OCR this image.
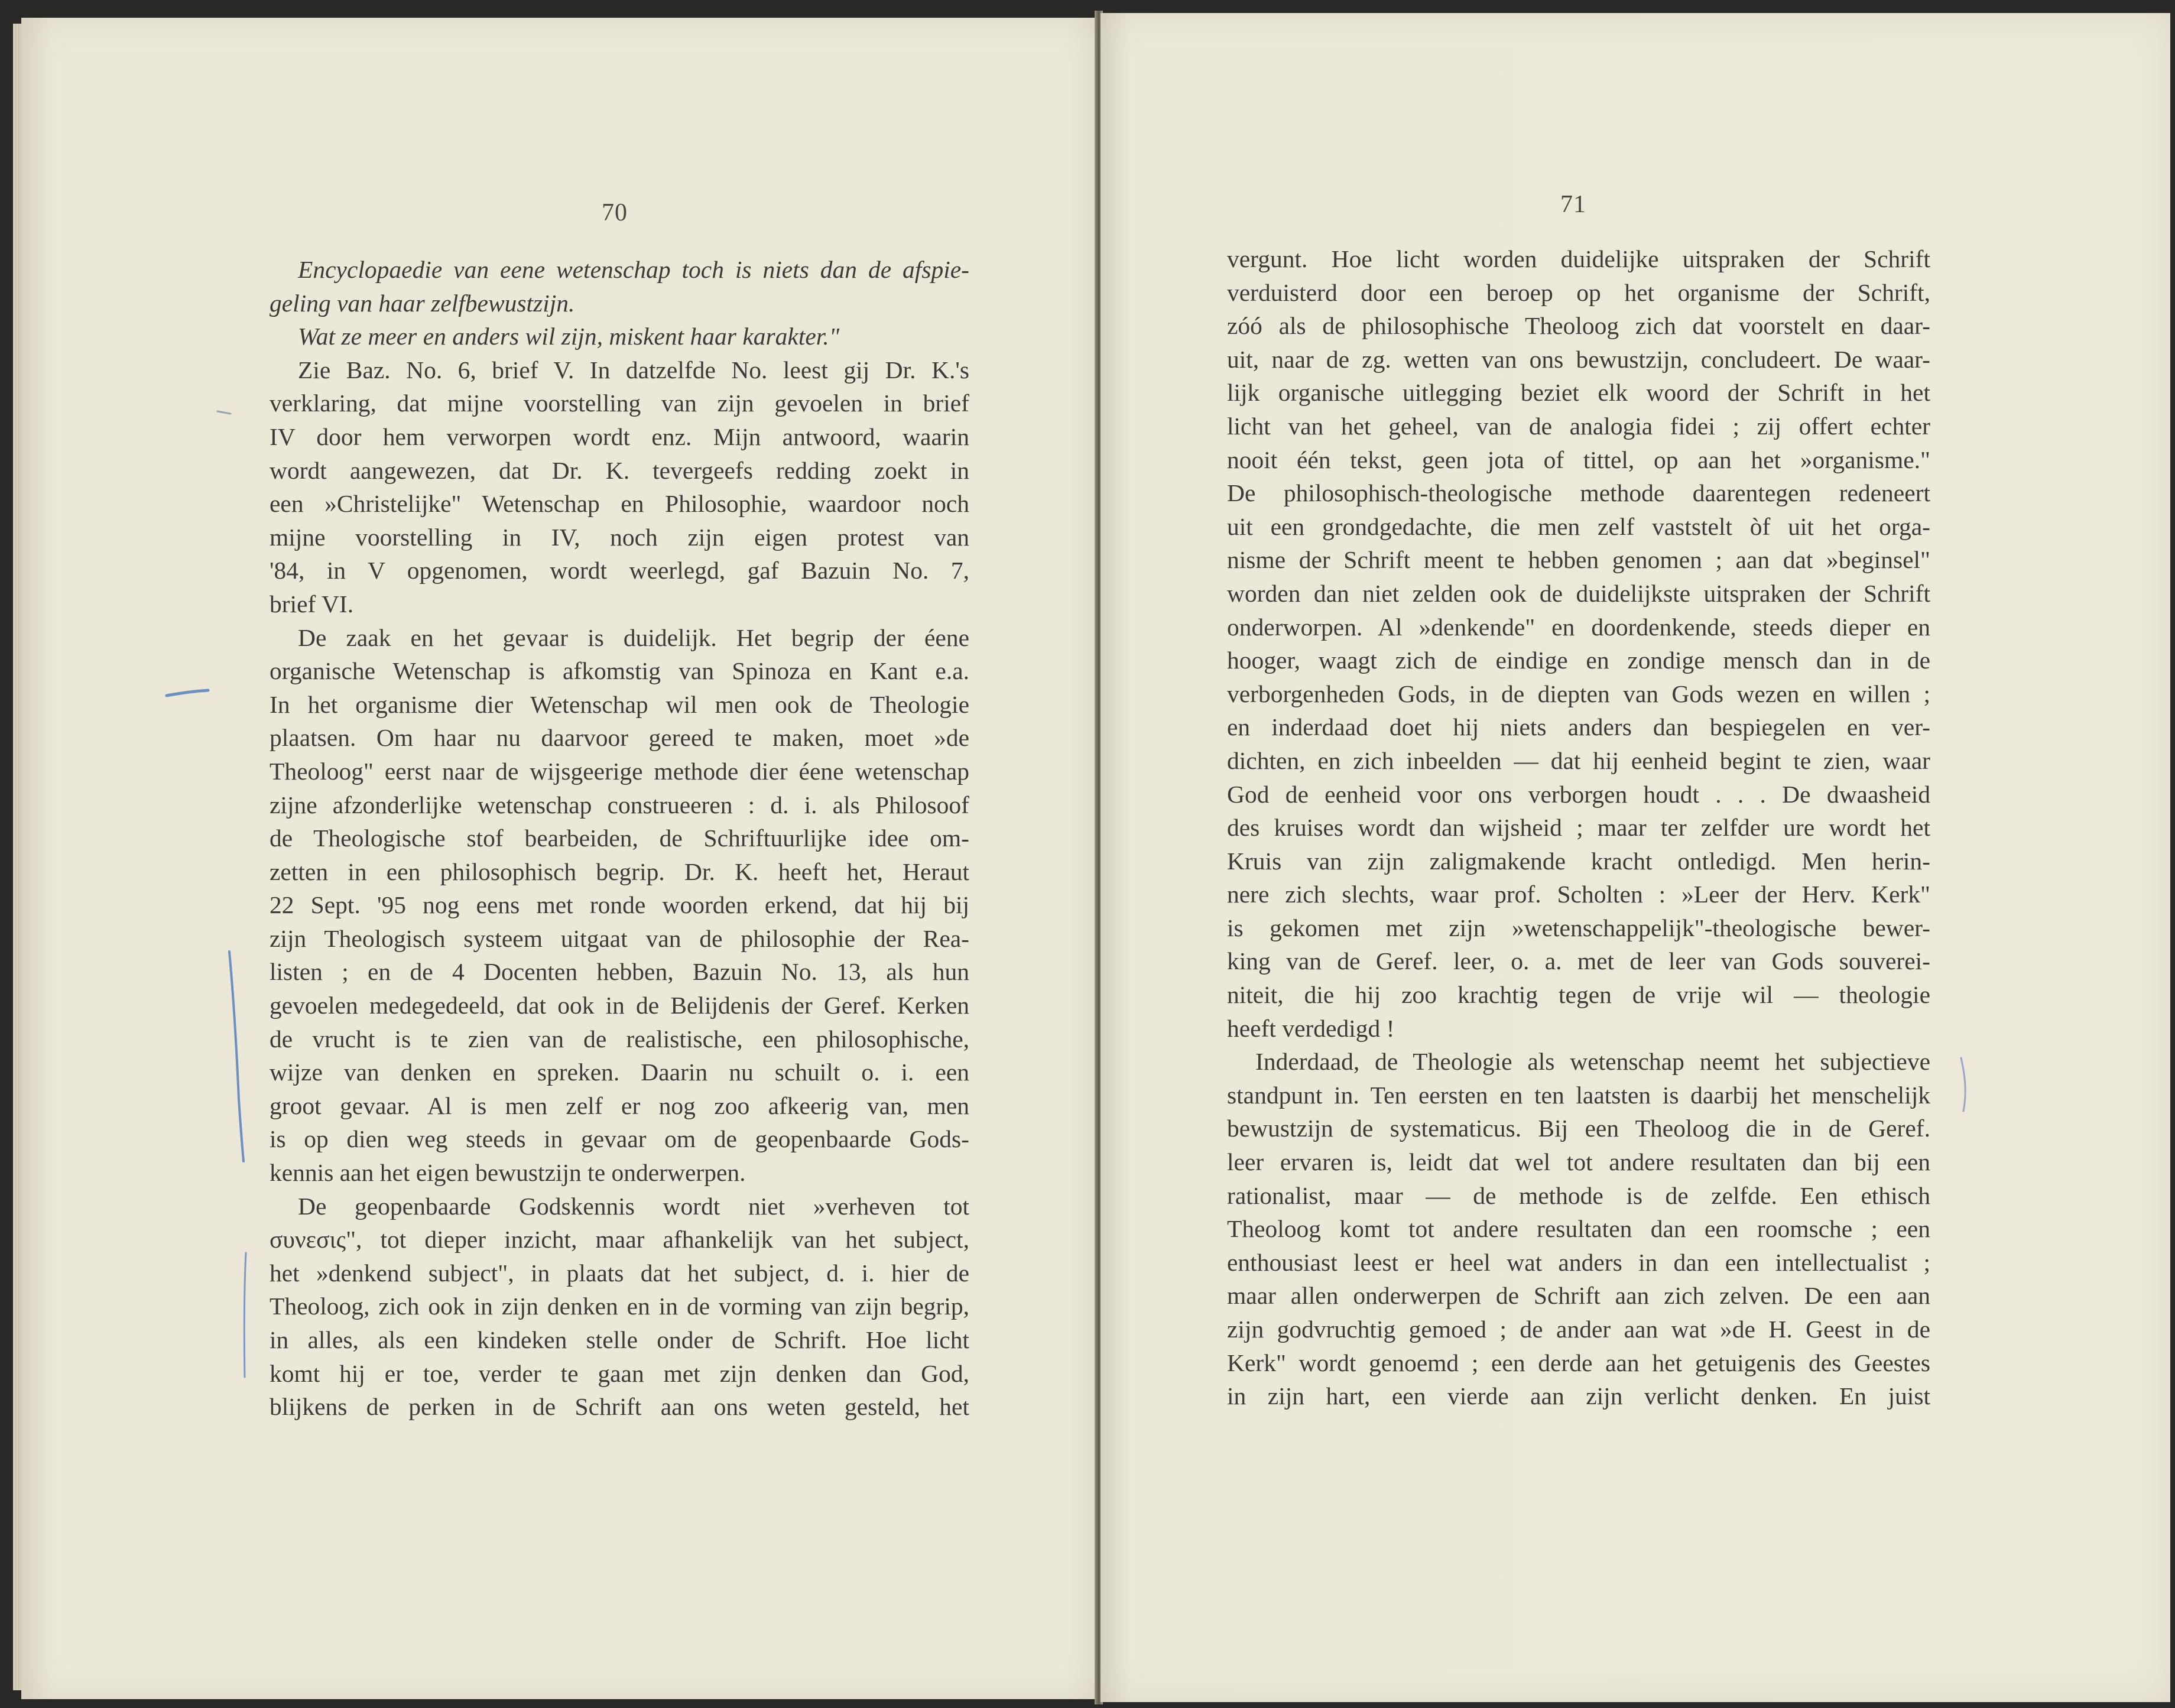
70	71
Encyclopaedie van eene wetenschap toch is niets dan de afspie-
geling van haar zelfbewustzijn.
Wat ze meer en anders wil zijn, miskent haar karakter."
Zie Baz. No. 6, brief V. In datzelfde No. leest gij Dr. K.'s
verklaring, dat mijne voorstelling van zijn gevoelen in brief
IV door hem verworpen wordt enz. Mijn antwoord, waarin
wordt aangewezen, dat Dr. K. tevergeefs redding zoekt in
een »Christelijke" Wetenschap en Philosophie, waardoor noch
mijne voorstelling in IV, noch zijn eigen protest van
'84, in V opgenomen, wordt weerlegd, gaf Bazuin No. 7,
brief VI.
De zaak en het gevaar is duidelijk. Het begrip der éene
organische Wetenschap is afkomstig van Spinoza en Kant e.a.
In het organisme dier Wetenschap wil men ook de Theologie
plaatsen. Om haar nu daarvoor gereed te maken, moet »de
Theoloog" eerst naar de wijsgeerige methode dier éene wetenschap
zijne afzonderlijke wetenschap construeeren : d. i. als Philosoof
de Theologische stof bearbeiden, de Schriftuurlijke idee om-
zetten in een philosophisch begrip. Dr. K. heeft het, Heraut
22 Sept. '95 nog eens met ronde woorden erkend, dat hij bij
zijn Theologisch systeem uitgaat van de philosophie der Rea-
listen ; en de 4 Docenten hebben, Bazuin No. 13, als hun
gevoelen medegedeeld, dat ook in de Belijdenis der Geref. Kerken
de vrucht is te zien van de realistische, een philosophische,
wijze van denken en spreken. Daarin nu schuilt o. i. een
groot gevaar. Al is men zelf er nog zoo afkeerig van, men
is op dien weg steeds in gevaar om de geopenbaarde Gods-
kennis aan het eigen bewustzijn te onderwerpen.
De geopenbaarde Godskennis wordt niet »verheven tot
συνεσις", tot dieper inzicht, maar afhankelijk van het subject,
het »denkend subject", in plaats dat het subject, d. i. hier de
Theoloog, zich ook in zijn denken en in de vorming van zijn begrip,
in alles, als een kindeken stelle onder de Schrift. Hoe licht
komt hij er toe, verder te gaan met zijn denken dan God,
blijkens de perken in de Schrift aan ons weten gesteld, het
vergunt. Hoe licht worden duidelijke uitspraken der Schrift
verduisterd door een beroep op het organisme der Schrift,
zóó als de philosophische Theoloog zich dat voorstelt en daar-
uit, naar de zg. wetten van ons bewustzijn, concludeert. De waar-
lijk organische uitlegging beziet elk woord der Schrift in het
licht van het geheel, van de analogia fidei ; zij offert echter
nooit één tekst, geen jota of tittel, op aan het »organisme."
De philosophisch-theologische methode daarentegen redeneert
uit een grondgedachte, die men zelf vaststelt òf uit het orga-
nisme der Schrift meent te hebben genomen ; aan dat »beginsel"
worden dan niet zelden ook de duidelijkste uitspraken der Schrift
onderworpen. Al »denkende" en doordenkende, steeds dieper en
hooger, waagt zich de eindige en zondige mensch dan in de
verborgenheden Gods, in de diepten van Gods wezen en willen ;
en inderdaad doet hij niets anders dan bespiegelen en ver-
dichten, en zich inbeelden — dat hij eenheid begint te zien, waar
God de eenheid voor ons verborgen houdt . . . De dwaasheid
des kruises wordt dan wijsheid ; maar ter zelfder ure wordt het
Kruis van zijn zaligmakende kracht ontledigd. Men herin-
nere zich slechts, waar prof. Scholten : »Leer der Herv. Kerk"
is gekomen met zijn »wetenschappelijk"-theologische bewer-
king van de Geref. leer, o. a. met de leer van Gods souverei-
niteit, die hij zoo krachtig tegen de vrije wil — theologie
heeft verdedigd !
Inderdaad, de Theologie als wetenschap neemt het subjectieve
standpunt in. Ten eersten en ten laatsten is daarbij het menschelijk
bewustzijn de systematicus. Bij een Theoloog die in de Geref.
leer ervaren is, leidt dat wel tot andere resultaten dan bij een
rationalist, maar — de methode is de zelfde. Een ethisch
Theoloog komt tot andere resultaten dan een roomsche ; een
enthousiast leest er heel wat anders in dan een intellectualist ;
maar allen onderwerpen de Schrift aan zich zelven. De een aan
zijn godvruchtig gemoed ; de ander aan wat »de H. Geest in de
Kerk" wordt genoemd ; een derde aan het getuigenis des Geestes
in zijn hart, een vierde aan zijn verlicht denken. En juist
